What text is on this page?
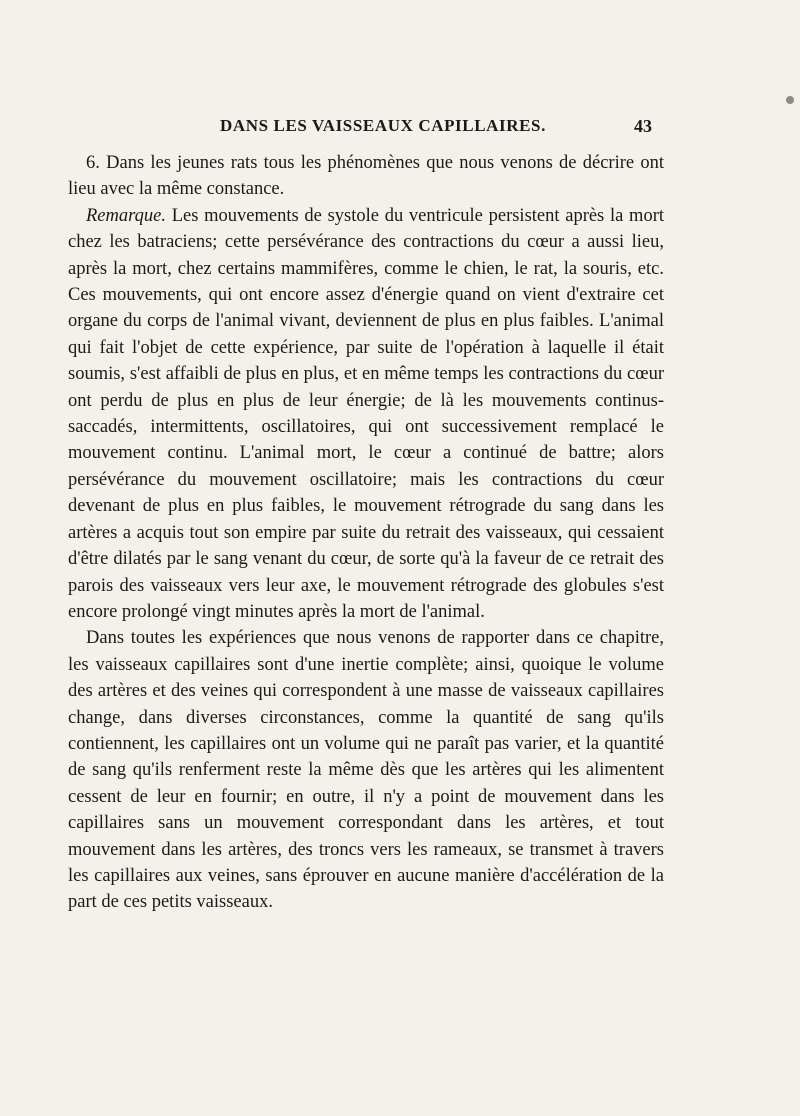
DANS LES VAISSEAUX CAPILLAIRES.	43

6. Dans les jeunes rats tous les phénomènes que nous venons de décrire ont lieu avec la même constance.

Remarque. Les mouvements de systole du ventricule persistent après la mort chez les batraciens; cette persévérance des contractions du cœur a aussi lieu, après la mort, chez certains mammifères, comme le chien, le rat, la souris, etc. Ces mouvements, qui ont encore assez d'énergie quand on vient d'extraire cet organe du corps de l'animal vivant, deviennent de plus en plus faibles. L'animal qui fait l'objet de cette expérience, par suite de l'opération à laquelle il était soumis, s'est affaibli de plus en plus, et en même temps les contractions du cœur ont perdu de plus en plus de leur énergie; de là les mouvements continus-saccadés, intermittents, oscillatoires, qui ont successivement remplacé le mouvement continu. L'animal mort, le cœur a continué de battre; alors persévérance du mouvement oscillatoire; mais les contractions du cœur devenant de plus en plus faibles, le mouvement rétrograde du sang dans les artères a acquis tout son empire par suite du retrait des vaisseaux, qui cessaient d'être dilatés par le sang venant du cœur, de sorte qu'à la faveur de ce retrait des parois des vaisseaux vers leur axe, le mouvement rétrograde des globules s'est encore prolongé vingt minutes après la mort de l'animal.

Dans toutes les expériences que nous venons de rapporter dans ce chapitre, les vaisseaux capillaires sont d'une inertie complète; ainsi, quoique le volume des artères et des veines qui correspondent à une masse de vaisseaux capillaires change, dans diverses circonstances, comme la quantité de sang qu'ils contiennent, les capillaires ont un volume qui ne paraît pas varier, et la quantité de sang qu'ils renferment reste la même dès que les artères qui les alimentent cessent de leur en fournir; en outre, il n'y a point de mouvement dans les capillaires sans un mouvement correspondant dans les artères, et tout mouvement dans les artères, des troncs vers les rameaux, se transmet à travers les capillaires aux veines, sans éprouver en aucune manière d'accélération de la part de ces petits vaisseaux.
